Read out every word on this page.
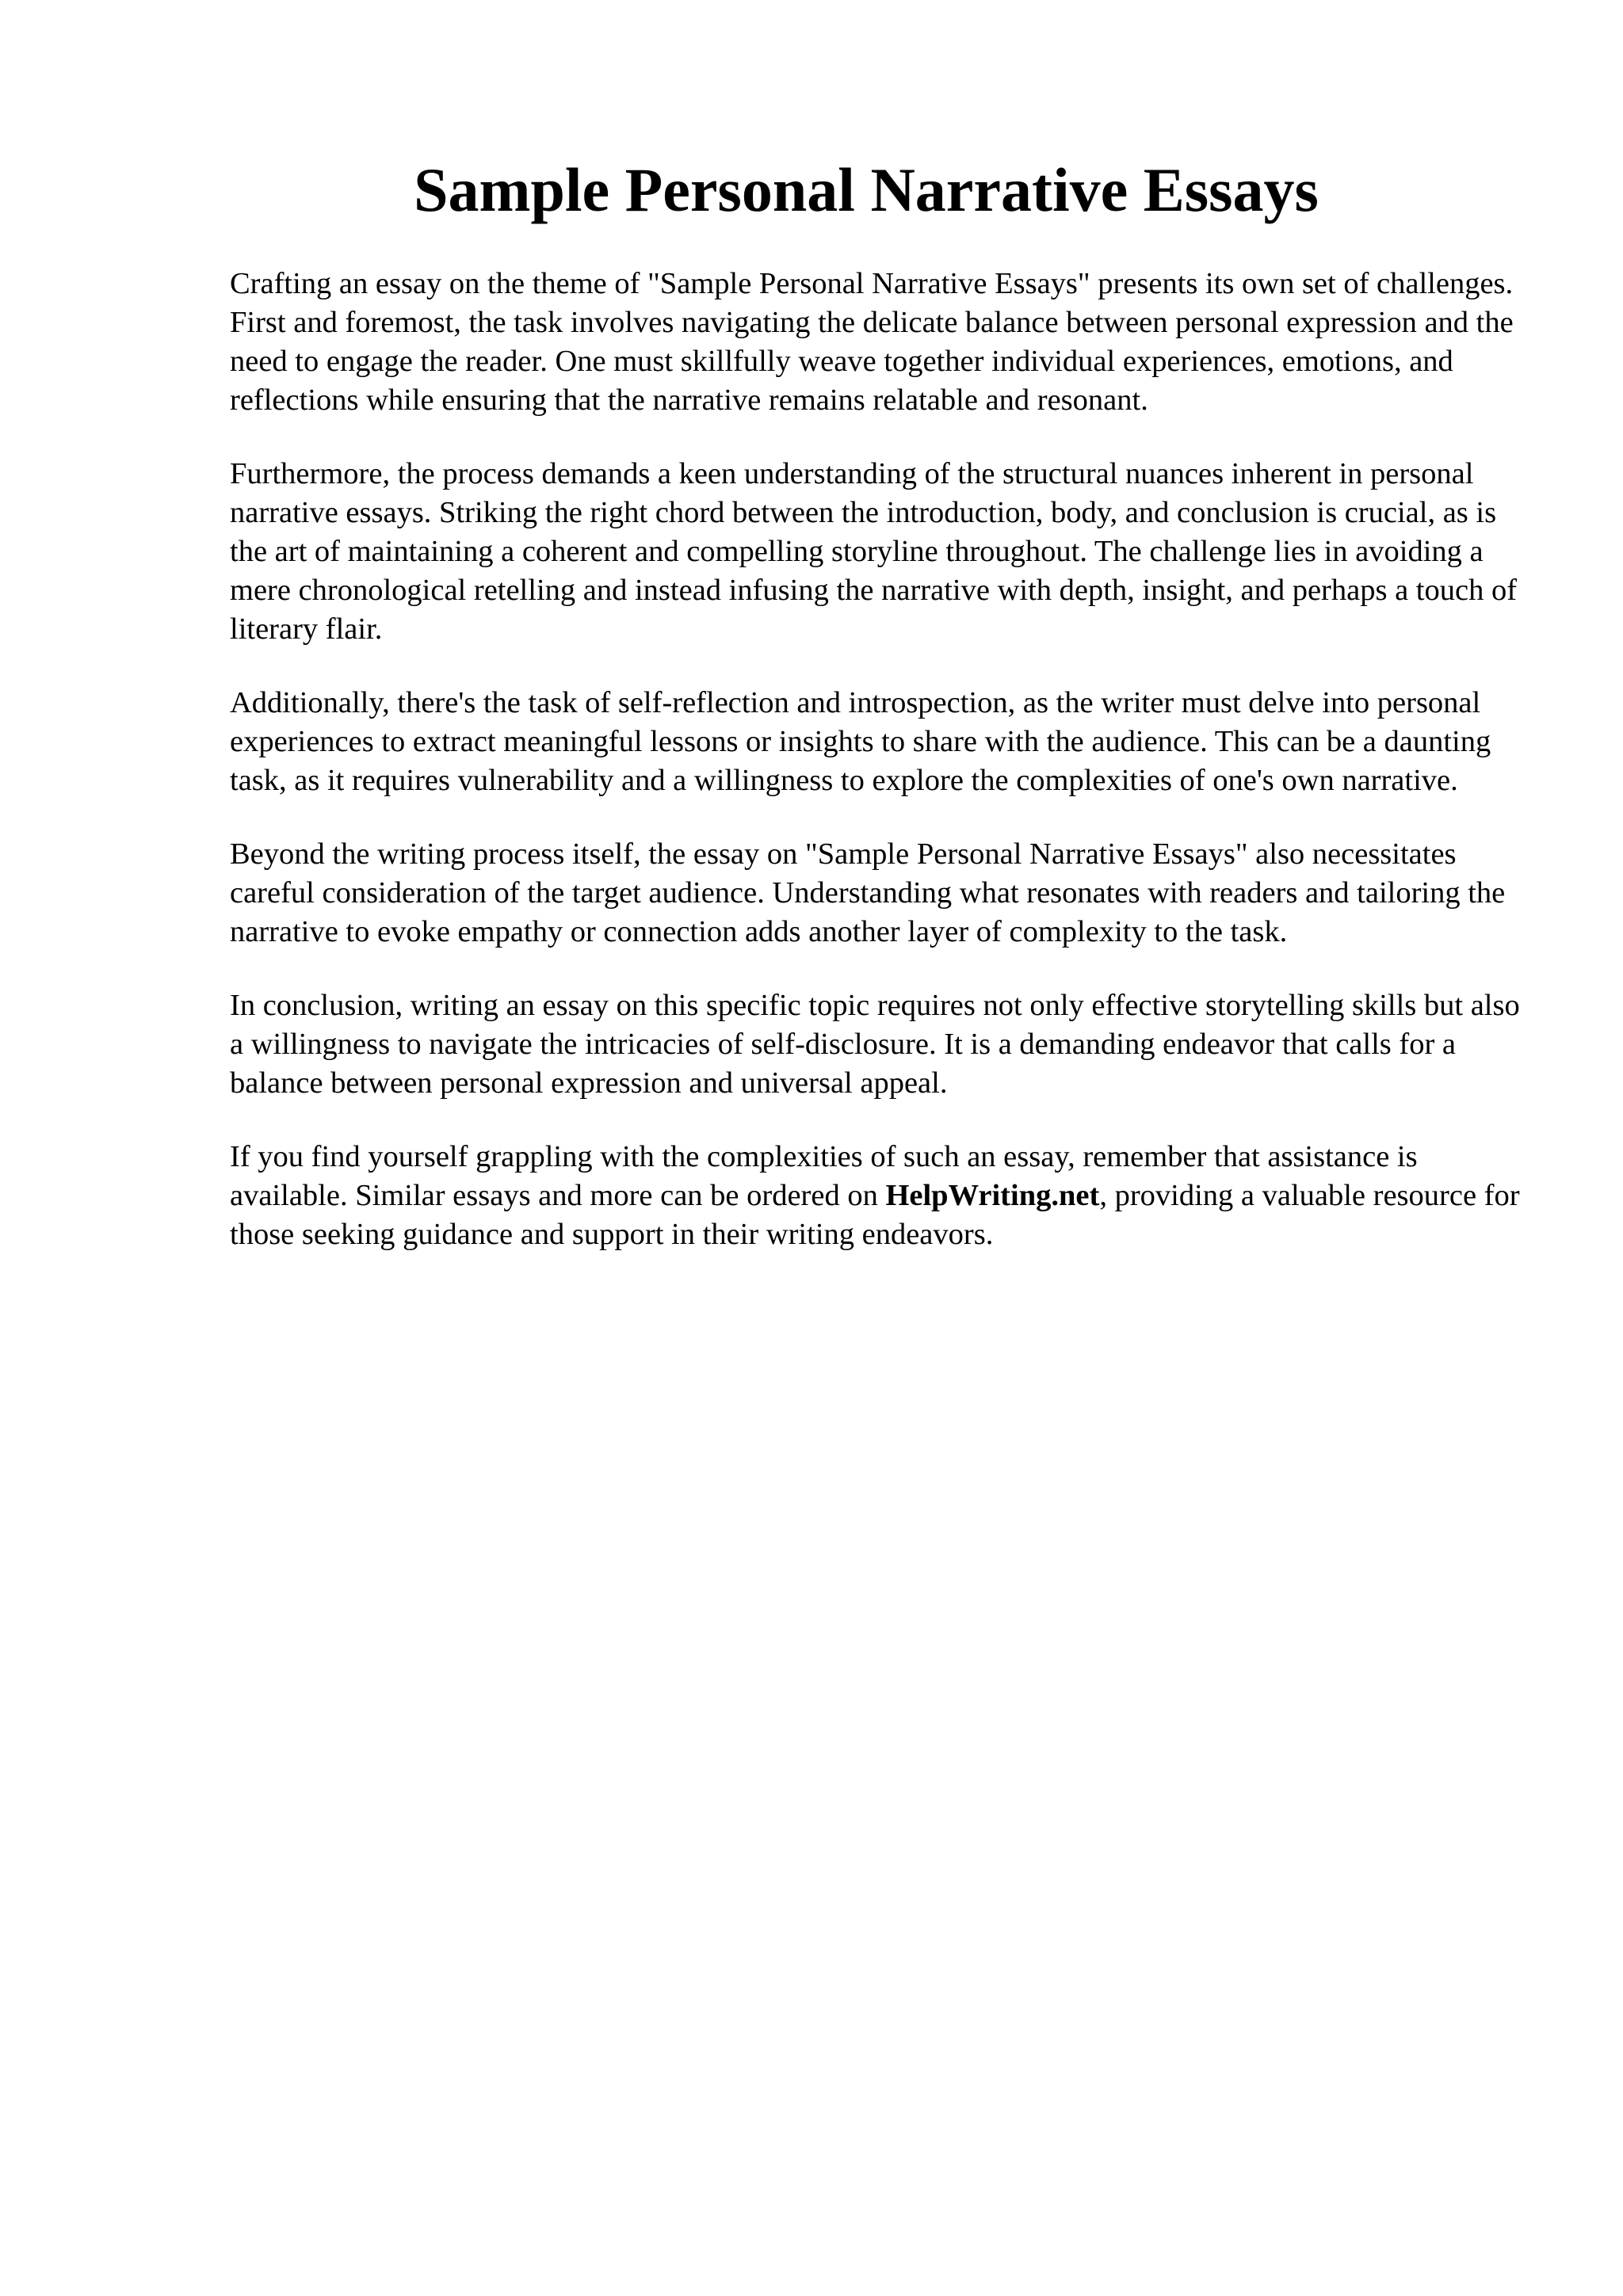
Sample Personal Narrative Essays

Crafting an essay on the theme of "Sample Personal Narrative Essays" presents its own set of challenges. First and foremost, the task involves navigating the delicate balance between personal expression and the need to engage the reader. One must skillfully weave together individual experiences, emotions, and reflections while ensuring that the narrative remains relatable and resonant.

Furthermore, the process demands a keen understanding of the structural nuances inherent in personal narrative essays. Striking the right chord between the introduction, body, and conclusion is crucial, as is the art of maintaining a coherent and compelling storyline throughout. The challenge lies in avoiding a mere chronological retelling and instead infusing the narrative with depth, insight, and perhaps a touch of literary flair.

Additionally, there's the task of self-reflection and introspection, as the writer must delve into personal experiences to extract meaningful lessons or insights to share with the audience. This can be a daunting task, as it requires vulnerability and a willingness to explore the complexities of one's own narrative.

Beyond the writing process itself, the essay on "Sample Personal Narrative Essays" also necessitates careful consideration of the target audience. Understanding what resonates with readers and tailoring the narrative to evoke empathy or connection adds another layer of complexity to the task.

In conclusion, writing an essay on this specific topic requires not only effective storytelling skills but also a willingness to navigate the intricacies of self-disclosure. It is a demanding endeavor that calls for a balance between personal expression and universal appeal.

If you find yourself grappling with the complexities of such an essay, remember that assistance is available. Similar essays and more can be ordered on HelpWriting.net, providing a valuable resource for those seeking guidance and support in their writing endeavors.
